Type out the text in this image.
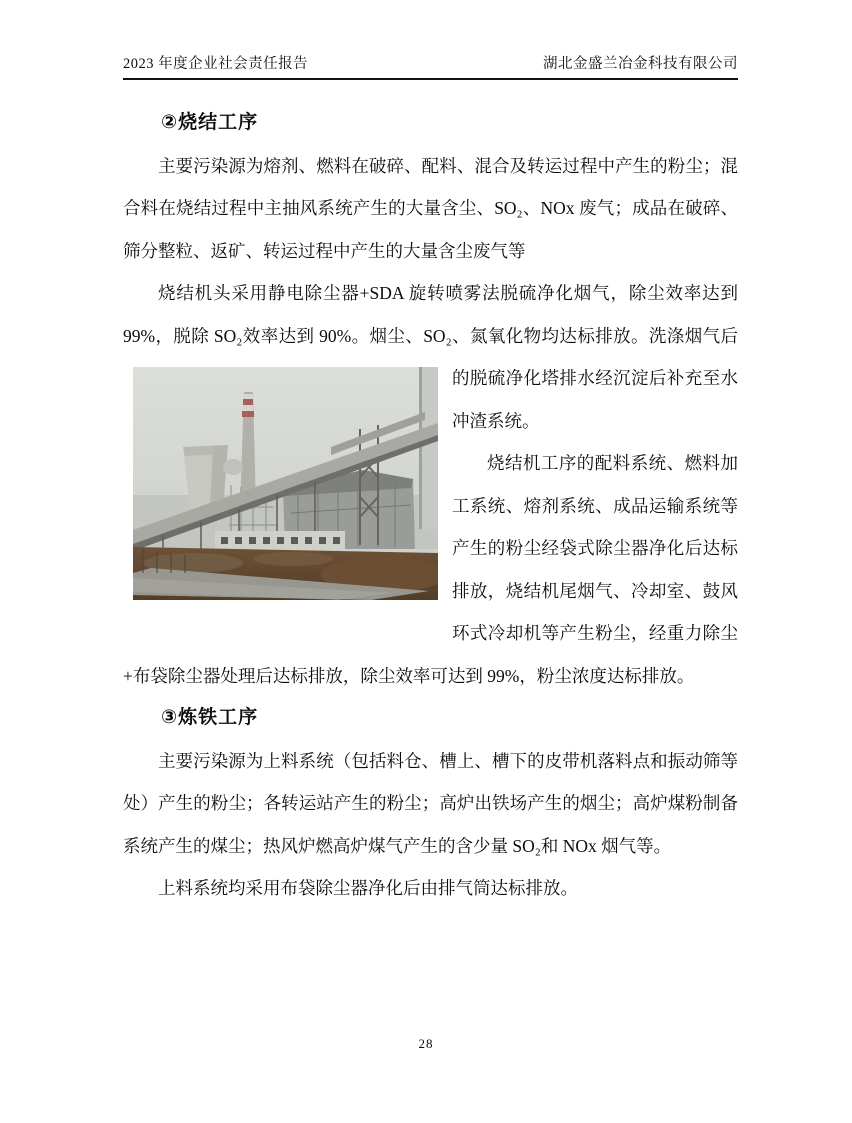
2023 年度企业社会责任报告	湖北金盛兰冶金科技有限公司
②烧结工序

主要污染源为熔剂、燃料在破碎、配料、混合及转运过程中产生的粉尘；混合料在烧结过程中主抽风系统产生的大量含尘、SO₂、NOx 废气；成品在破碎、筛分整粒、返矿、转运过程中产生的大量含尘废气等

烧结机头采用静电除尘器+SDA 旋转喷雾法脱硫净化烟气，除尘效率达到 99%，脱除 SO₂效率达到 90%。烟尘、SO₂、氮氧化物均达标排
放。洗涤烟气后的脱硫净化塔排水经沉淀后补充至水冲渣系统。

烧结机工序的配料系统、燃料加工系统、熔剂系统、成品运输系统等产生的粉尘经袋式除尘器净化后达标排放，烧结机尾烟气、冷却室、鼓风环式冷却机等产生粉尘，经重力除尘+布袋除尘器处理后达标排放，除尘效率可达到 99%，粉尘浓度达标排放。

③炼铁工序

主要污染源为上料系统（包括料仓、槽上、槽下的皮带机落料点和振动筛等处）产生的粉尘；各转运站产生的粉尘；高炉出铁场产生的烟尘；高炉煤粉制备系统产生的煤尘；热风炉燃高炉煤气产生的含少量 SO₂和 NOx 烟气等。

上料系统均采用布袋除尘器净化后由排气筒达标排放。

28
